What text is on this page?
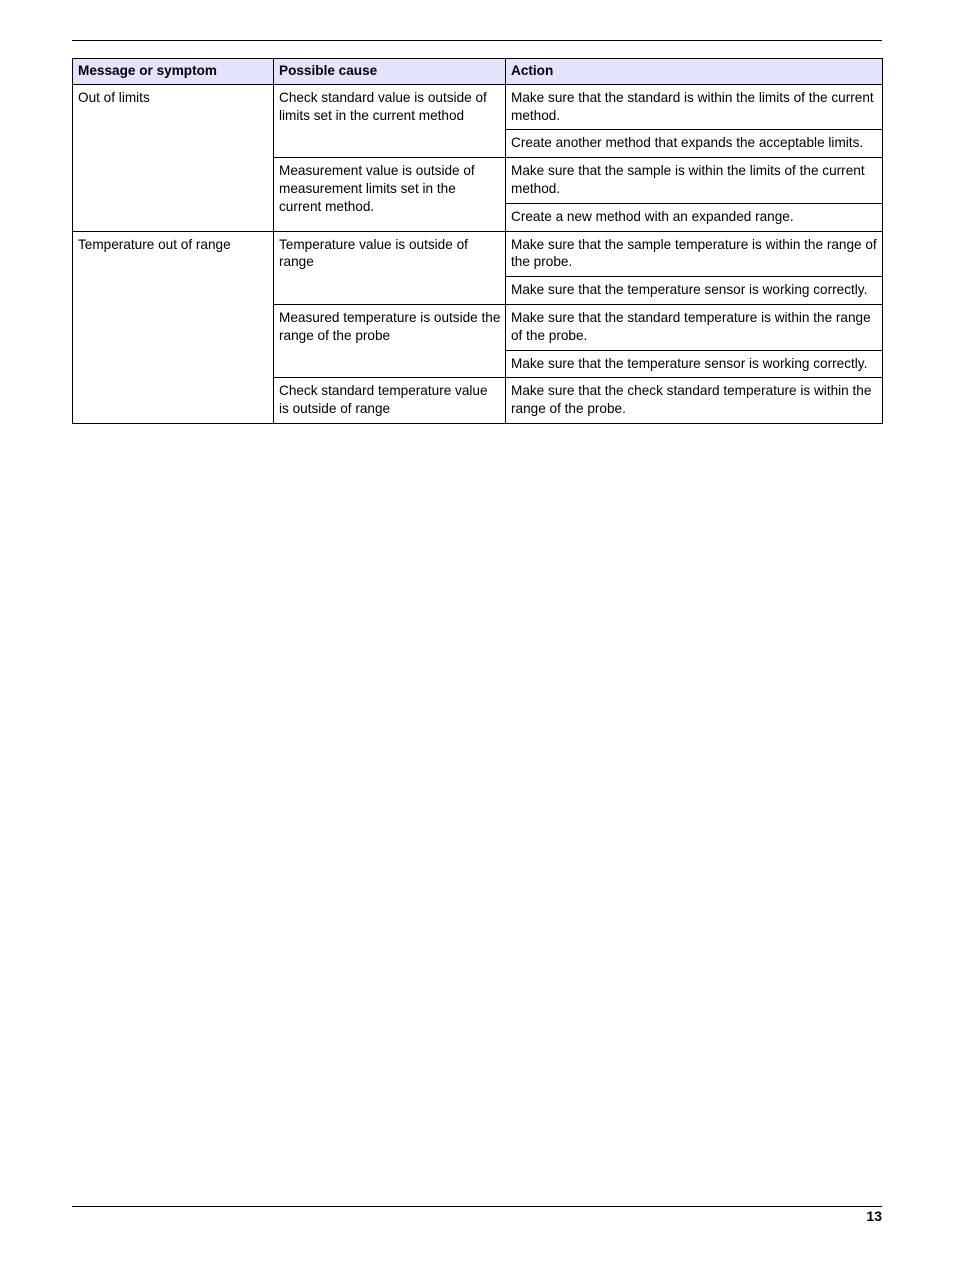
Message or symptom	Possible cause	Action
Out of limits	Check standard value is outside of limits set in the current method	Make sure that the standard is within the limits of the current method.
		Create another method that expands the acceptable limits.
	Measurement value is outside of measurement limits set in the current method.	Make sure that the sample is within the limits of the current method.
		Create a new method with an expanded range.
Temperature out of range	Temperature value is outside of range	Make sure that the sample temperature is within the range of the probe.
		Make sure that the temperature sensor is working correctly.
	Measured temperature is outside the range of the probe	Make sure that the standard temperature is within the range of the probe.
		Make sure that the temperature sensor is working correctly.
	Check standard temperature value is outside of range	Make sure that the check standard temperature is within the range of the probe.
13
